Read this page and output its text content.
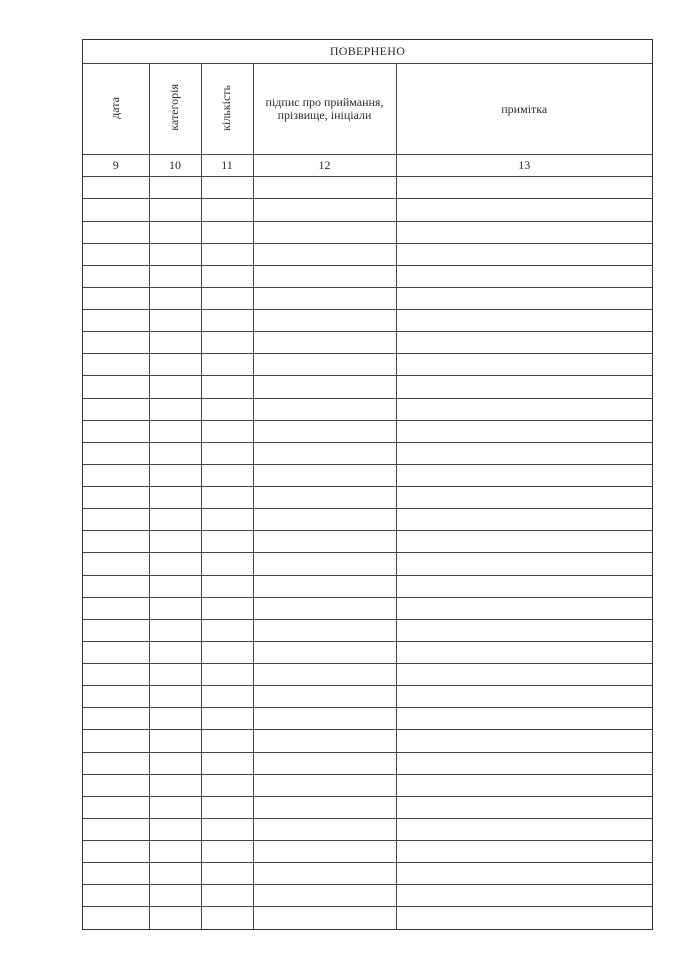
ПОВЕРНЕНО				
дата	категорія	кількість	підпис про приймання, прізвище, ініціали	примітка
9	10	11	12	13
